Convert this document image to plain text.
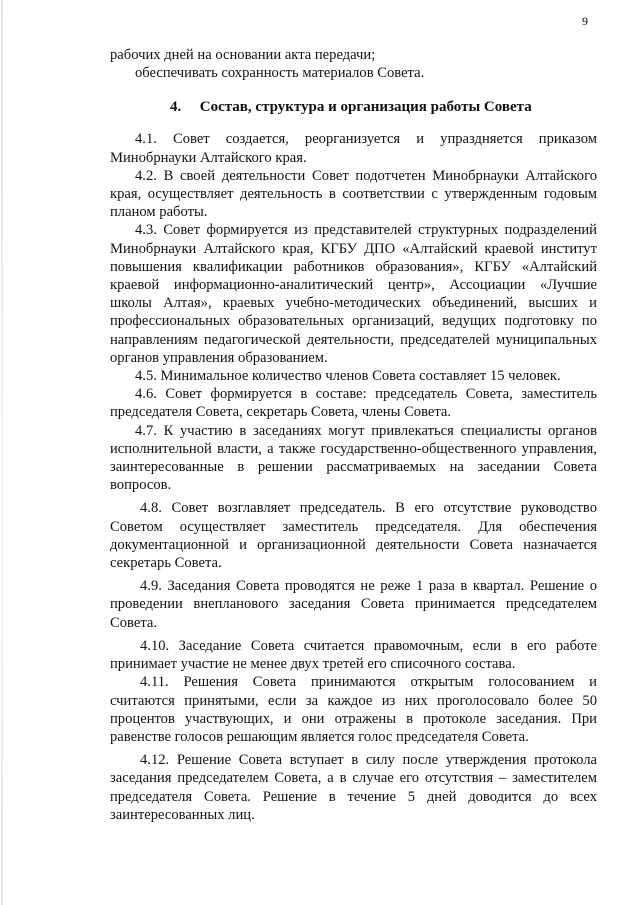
9

рабочих дней на основании акта передачи;

обеспечивать сохранность материалов Совета.

4. Состав, структура и организация работы Совета

4.1. Совет создается, реорганизуется и упраздняется приказом Минобрнауки Алтайского края.

4.2. В своей деятельности Совет подотчетен Минобрнауки Алтайского края, осуществляет деятельность в соответствии с утвержденным годовым планом работы.

4.3. Совет формируется из представителей структурных подразделений Минобрнауки Алтайского края, КГБУ ДПО «Алтайский краевой институт повышения квалификации работников образования», КГБУ «Алтайский краевой информационно-аналитический центр», Ассоциации «Лучшие школы Алтая», краевых учебно-методических объединений, высших и профессиональных образовательных организаций, ведущих подготовку по направлениям педагогической деятельности, председателей муниципальных органов управления образованием.

4.5. Минимальное количество членов Совета составляет 15 человек.

4.6. Совет формируется в составе: председатель Совета, заместитель председателя Совета, секретарь Совета, члены Совета.

4.7. К участию в заседаниях могут привлекаться специалисты органов исполнительной власти, а также государственно-общественного управления, заинтересованные в решении рассматриваемых на заседании Совета вопросов.

4.8. Совет возглавляет председатель. В его отсутствие руководство Советом осуществляет заместитель председателя. Для обеспечения документационной и организационной деятельности Совета назначается секретарь Совета.

4.9. Заседания Совета проводятся не реже 1 раза в квартал. Решение о проведении внепланового заседания Совета принимается председателем Совета.

4.10. Заседание Совета считается правомочным, если в его работе принимает участие не менее двух третей его списочного состава.

4.11. Решения Совета принимаются открытым голосованием и считаются принятыми, если за каждое из них проголосовало более 50 процентов участвующих, и они отражены в протоколе заседания. При равенстве голосов решающим является голос председателя Совета.

4.12. Решение Совета вступает в силу после утверждения протокола заседания председателем Совета, а в случае его отсутствия – заместителем председателя Совета. Решение в течение 5 дней доводится до всех заинтересованных лиц.
